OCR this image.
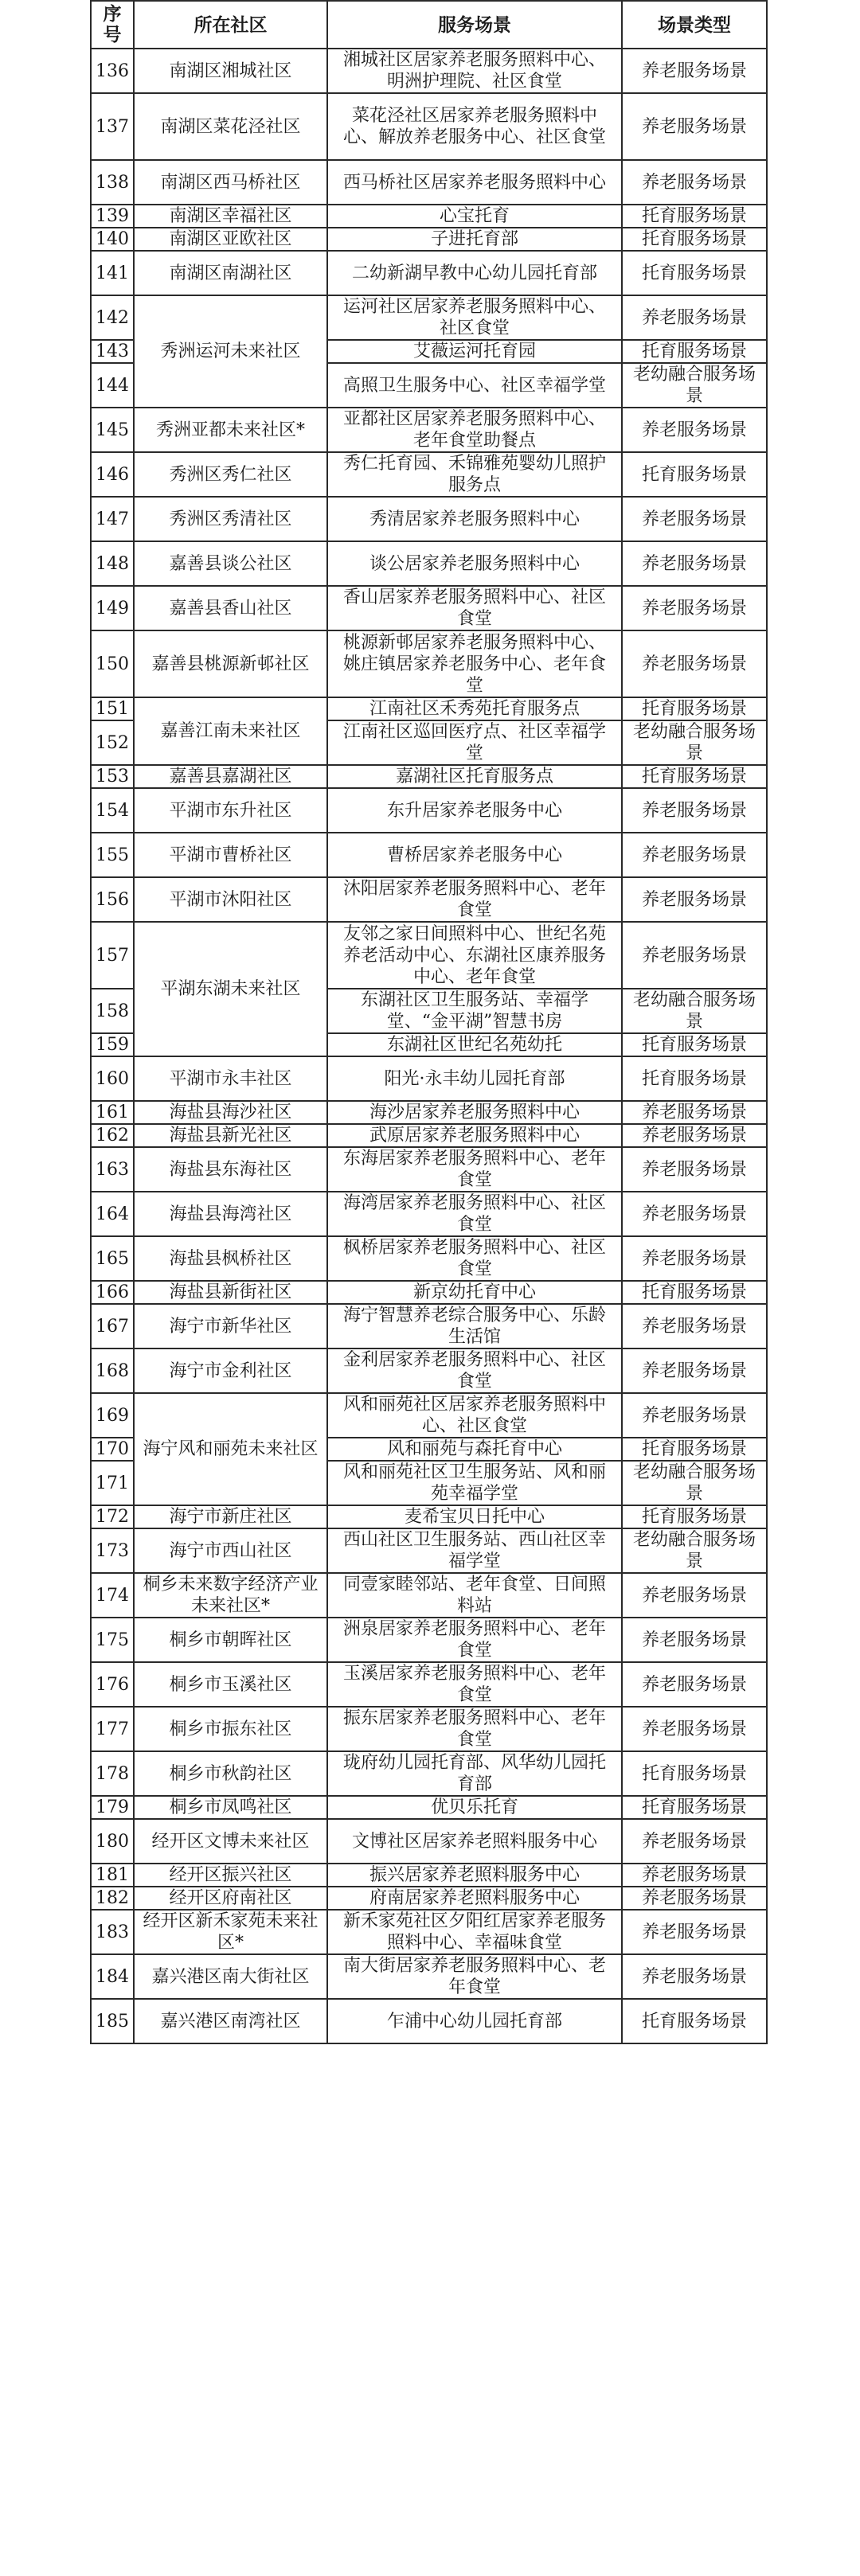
序
号	所在社区	服务场景	场景类型
136	南湖区湘城社区	湘城社区居家养老服务照料中心、明洲护理院、社区食堂	养老服务场景
137	南湖区菜花泾社区	菜花泾社区居家养老服务照料中心、解放养老服务中心、社区食堂	养老服务场景
138	南湖区西马桥社区	西马桥社区居家养老服务照料中心	养老服务场景
139	南湖区幸福社区	心宝托育	托育服务场景
140	南湖区亚欧社区	子进托育部	托育服务场景
141	南湖区南湖社区	二幼新湖早教中心幼儿园托育部	托育服务场景
142	秀洲运河未来社区	运河社区居家养老服务照料中心、社区食堂	养老服务场景
143		艾薇运河托育园	托育服务场景
144		高照卫生服务中心、社区幸福学堂	老幼融合服务场景
145	秀洲亚都未来社区*	亚都社区居家养老服务照料中心、老年食堂助餐点	养老服务场景
146	秀洲区秀仁社区	秀仁托育园、禾锦雅苑婴幼儿照护服务点	托育服务场景
147	秀洲区秀清社区	秀清居家养老服务照料中心	养老服务场景
148	嘉善县谈公社区	谈公居家养老服务照料中心	养老服务场景
149	嘉善县香山社区	香山居家养老服务照料中心、社区食堂	养老服务场景
150	嘉善县桃源新邨社区	桃源新邨居家养老服务照料中心、姚庄镇居家养老服务中心、老年食堂	养老服务场景
151	嘉善江南未来社区	江南社区禾秀苑托育服务点	托育服务场景
152		江南社区巡回医疗点、社区幸福学堂	老幼融合服务场景
153	嘉善县嘉湖社区	嘉湖社区托育服务点	托育服务场景
154	平湖市东升社区	东升居家养老服务中心	养老服务场景
155	平湖市曹桥社区	曹桥居家养老服务中心	养老服务场景
156	平湖市沐阳社区	沐阳居家养老服务照料中心、老年食堂	养老服务场景
157	平湖东湖未来社区	友邻之家日间照料中心、世纪名苑养老活动中心、东湖社区康养服务中心、老年食堂	养老服务场景
158		东湖社区卫生服务站、幸福学堂、“金平湖”智慧书房	老幼融合服务场景
159		东湖社区世纪名苑幼托	托育服务场景
160	平湖市永丰社区	阳光·永丰幼儿园托育部	托育服务场景
161	海盐县海沙社区	海沙居家养老服务照料中心	养老服务场景
162	海盐县新光社区	武原居家养老服务照料中心	养老服务场景
163	海盐县东海社区	东海居家养老服务照料中心、老年食堂	养老服务场景
164	海盐县海湾社区	海湾居家养老服务照料中心、社区食堂	养老服务场景
165	海盐县枫桥社区	枫桥居家养老服务照料中心、社区食堂	养老服务场景
166	海盐县新街社区	新京幼托育中心	托育服务场景
167	海宁市新华社区	海宁智慧养老综合服务中心、乐龄生活馆	养老服务场景
168	海宁市金利社区	金利居家养老服务照料中心、社区食堂	养老服务场景
169	海宁风和丽苑未来社区	风和丽苑社区居家养老服务照料中心、社区食堂	养老服务场景
170		风和丽苑与森托育中心	托育服务场景
171		风和丽苑社区卫生服务站、风和丽苑幸福学堂	老幼融合服务场景
172	海宁市新庄社区	麦希宝贝日托中心	托育服务场景
173	海宁市西山社区	西山社区卫生服务站、西山社区幸福学堂	老幼融合服务场景
174	桐乡未来数字经济产业未来社区*	同壹家睦邻站、老年食堂、日间照料站	养老服务场景
175	桐乡市朝晖社区	洲泉居家养老服务照料中心、老年食堂	养老服务场景
176	桐乡市玉溪社区	玉溪居家养老服务照料中心、老年食堂	养老服务场景
177	桐乡市振东社区	振东居家养老服务照料中心、老年食堂	养老服务场景
178	桐乡市秋韵社区	珑府幼儿园托育部、风华幼儿园托育部	托育服务场景
179	桐乡市凤鸣社区	优贝乐托育	托育服务场景
180	经开区文博未来社区	文博社区居家养老照料服务中心	养老服务场景
181	经开区振兴社区	振兴居家养老照料服务中心	养老服务场景
182	经开区府南社区	府南居家养老照料服务中心	养老服务场景
183	经开区新禾家苑未来社区*	新禾家苑社区夕阳红居家养老服务照料中心、幸福味食堂	养老服务场景
184	嘉兴港区南大街社区	南大街居家养老服务照料中心、老年食堂	养老服务场景
185	嘉兴港区南湾社区	乍浦中心幼儿园托育部	托育服务场景
